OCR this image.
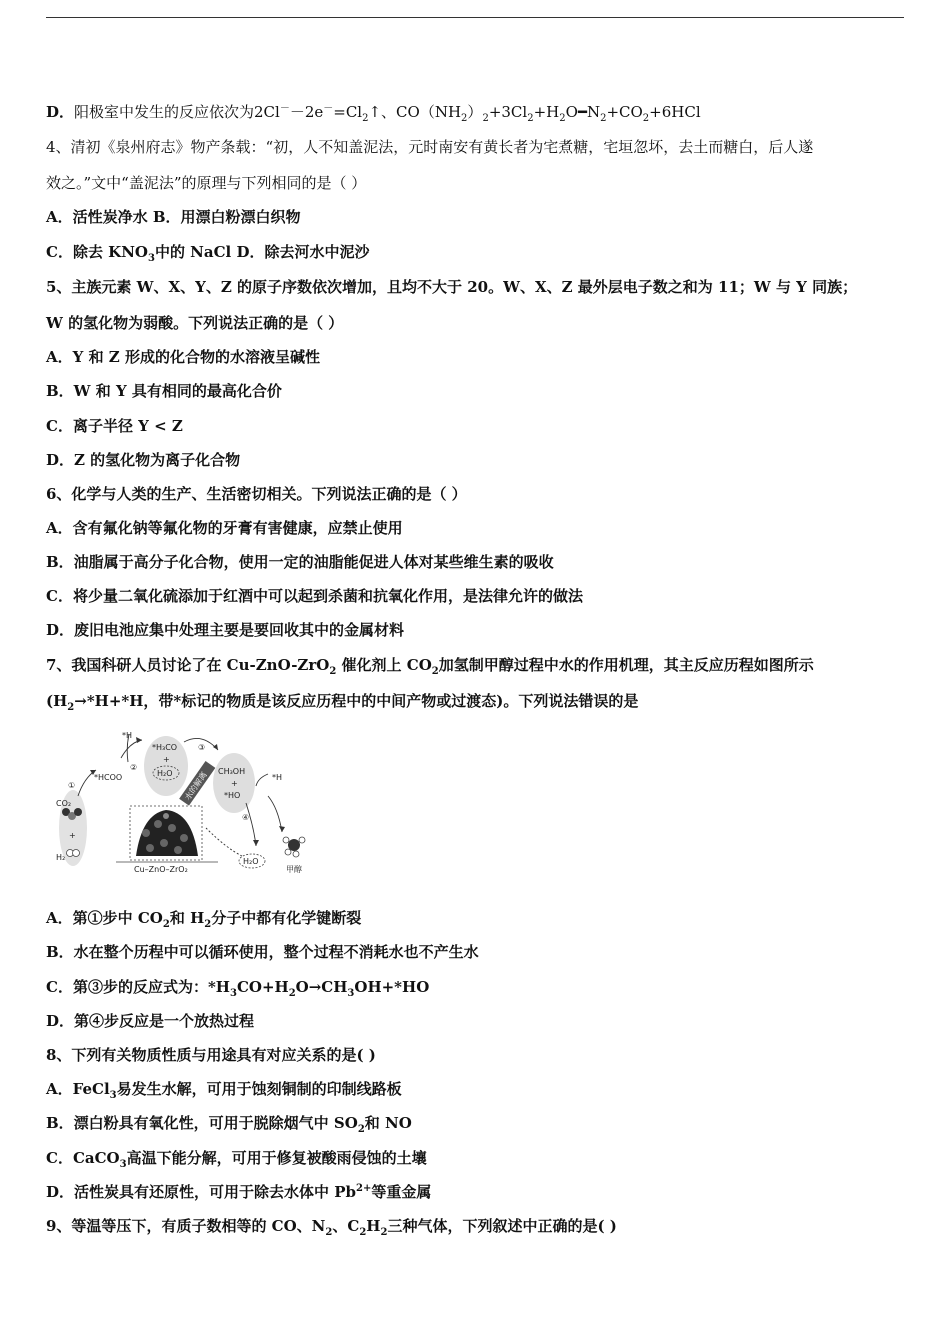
D．阳极室中发生的反应依次为$2Cl^--2e^-=Cl_2↑$、$CO(NH_2)_2+3Cl_2+H_2O━N_2+CO_2+6HCl$
4、清初《泉州府志》物产条载：“初，人不知盖泥法，元时南安有黄长者为宅煮糖，宅垣忽坏，去土而糖白，后人遂
效之。”文中“盖泥法”的原理与下列相同的是（ ）
A．活性炭净水 B．用漂白粉漂白织物
C．除去 $KNO_3$中的 NaCl D．除去河水中泥沙
5、主族元素 W、X、Y、Z 的原子序数依次增加，且均不大于 20。W、X、Z 最外层电子数之和为 11；W 与 Y 同族；
W 的氢化物为弱酸。下列说法正确的是（ ）
A．Y 和 Z 形成的化合物的水溶液呈碱性
B．W 和 Y 具有相同的最高化合价
C．离子半径 Y < Z
D．Z 的氢化物为离子化合物
6、化学与人类的生产、生活密切相关。下列说法正确的是（ ）
A．含有氟化钠等氟化物的牙膏有害健康，应禁止使用
B．油脂属于高分子化合物，使用一定的油脂能促进人体对某些维生素的吸收
C．将少量二氧化硫添加于红酒中可以起到杀菌和抗氧化作用，是法律允许的做法
D．废旧电池应集中处理主要是要回收其中的金属材料
7、我国科研人员讨论了在 Cu-ZnO-ZrO$_2$ 催化剂上 $CO_2$加氢制甲醇过程中水的作用机理，其主反应历程如图所示
($H_2\to*H+*H$，带*标记的物质是该反应历程中的中间产物或过渡态)。下列说法错误的是
水的解离
①
②
③
④
CO₂
+
H₂
*HCOO
*H
*H₃CO
+
H₂O	CH₃OH
+
*HO
*H
H₂O
Cu–ZnO–ZrO₂	甲醇
A．第①步中 $CO_2$和 $H_2$分子中都有化学键断裂
B．水在整个历程中可以循环使用，整个过程不消耗水也不产生水
C．第③步的反应式为：$*H_3CO+H_2O\to CH_3OH+*HO$
D．第④步反应是一个放热过程
8、下列有关物质性质与用途具有对应关系的是( )
A．FeCl$_3$易发生水解，可用于蚀刻铜制的印制线路板
B．漂白粉具有氧化性，可用于脱除烟气中 $SO_2$和 NO
C．CaCO$_3$高温下能分解，可用于修复被酸雨侵蚀的土壤
D．活性炭具有还原性，可用于除去水体中 $Pb^{2+}$等重金属
9、等温等压下，有质子数相等的 CO、$N_2$、$C_2H_2$三种气体，下列叙述中正确的是( )
